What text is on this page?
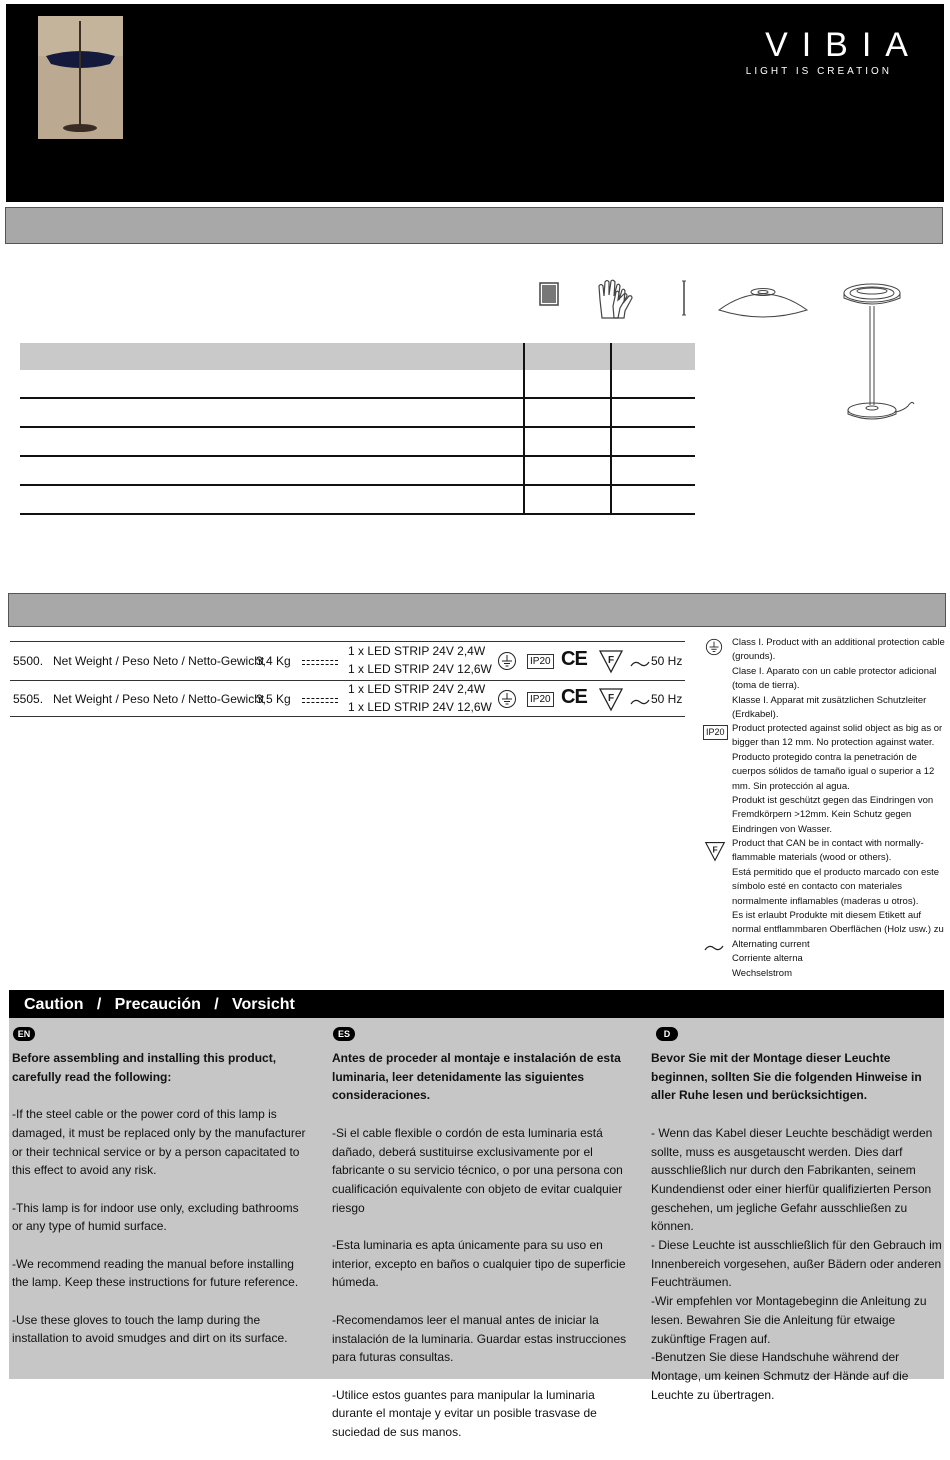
VIBIA
LIGHT IS CREATION

5500. Net Weight / Peso Neto / Netto-Gewicht
3,4 Kg
1 x LED STRIP 24V 2,4W
1 x LED STRIP 24V 12,6W
IP20 CE F	50 Hz
5505. Net Weight / Peso Neto / Netto-Gewicht
3,5 Kg
1 x LED STRIP 24V 2,4W
1 x LED STRIP 24V 12,6W
IP20 CE F	50 Hz
Class I. Product with an additional protection cable
(grounds).
Clase I. Aparato con un cable protector adicional
(toma de tierra).
Klasse I. Apparat mit zusätzlichen Schutzleiter
(Erdkabel).
IP20 Product protected against solid object as big as or
bigger than 12 mm. No protection against water.
Producto protegido contra la penetración de
cuerpos sólidos de tamaño igual o superior a 12
mm. Sin protección al agua.
Produkt ist geschützt gegen das Eindringen von
Fremdkörpern >12mm. Kein Schutz gegen
Eindringen von Wasser.
F
Product that CAN be in contact with normally-
flammable materials (wood or others).
Está permitido que el producto marcado con este
símbolo esté en contacto con materiales
normalmente inflamables (maderas u otros).
Es ist erlaubt Produkte mit diesem Etikett auf
normal entflammbaren Oberflächen (Holz usw.) zu
Alternating current
Corriente alterna
Wechselstrom
Caution   /   Precaución   /   Vorsicht
EN	ES	D

Before assembling and installing this product, carefully read the following:

-If the steel cable or the power cord of this lamp is damaged, it must be replaced only by the manufacturer or their technical service or by a person capacitated to this effect to avoid any risk.

-This lamp is for indoor use only, excluding bathrooms or any type of humid surface.

-We recommend reading the manual before installing the lamp. Keep these instructions for future reference.

-Use these gloves to touch the lamp during the installation to avoid smudges and dirt on its surface.

Antes de proceder al montaje e instalación de esta luminaria, leer detenidamente las siguientes consideraciones.

-Si el cable flexible o cordón de esta luminaria está dañado, deberá sustituirse exclusivamente por el fabricante o su servicio técnico, o por una persona con cualificación equivalente con objeto de evitar cualquier riesgo

-Esta luminaria es apta únicamente para su uso en interior, excepto en baños o cualquier tipo de superficie húmeda.

-Recomendamos leer el manual antes de iniciar la instalación de la luminaria. Guardar estas instrucciones para futuras consultas.

-Utilice estos guantes para manipular la luminaria durante el montaje y evitar un posible trasvase de suciedad de sus manos.

Bevor Sie mit der Montage dieser Leuchte beginnen, sollten Sie die folgenden Hinweise in aller Ruhe lesen und berücksichtigen.

- Wenn das Kabel dieser Leuchte beschädigt werden sollte, muss es ausgetauscht werden. Dies darf ausschließlich nur durch den Fabrikanten, seinem Kundendienst oder einer hierfür qualifizierten Person geschehen, um jegliche Gefahr ausschließen zu können.

- Diese Leuchte ist ausschließlich für den Gebrauch im Innenbereich vorgesehen, außer Bädern oder anderen Feuchträumen.

-Wir empfehlen vor Montagebeginn die Anleitung zu lesen. Bewahren Sie die Anleitung für etwaige zukünftige Fragen auf.

-Benutzen Sie diese Handschuhe während der Montage, um keinen Schmutz der Hände auf die Leuchte zu übertragen.
